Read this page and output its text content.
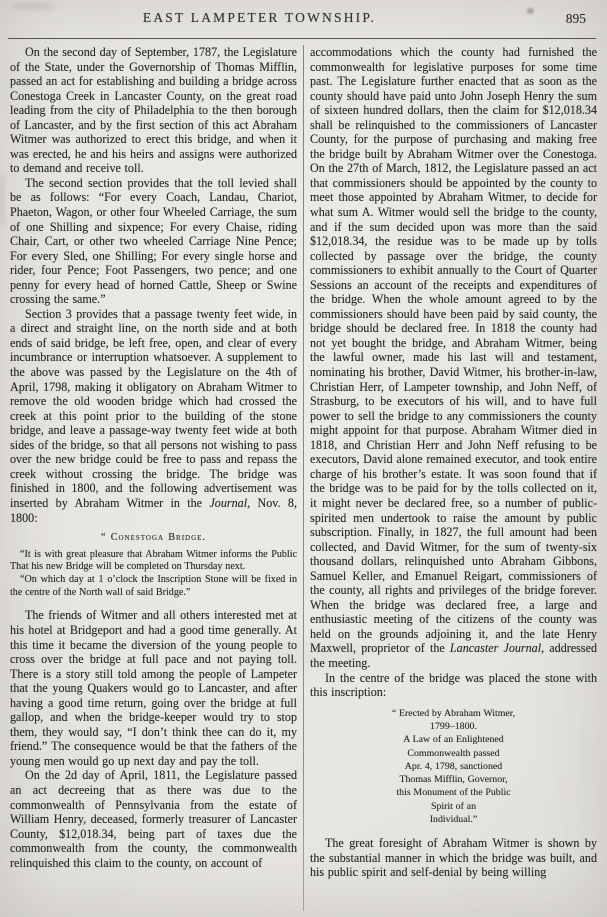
EAST LAMPETER TOWNSHIP.	895

On the second day of September, 1787, the Legislature of the State, under the Governorship of Thomas Mifflin, passed an act for establishing and building a bridge across Conestoga Creek in Lancaster County, on the great road leading from the city of Philadelphia to the then borough of Lancaster, and by the first section of this act Abraham Witmer was authorized to erect this bridge, and when it was erected, he and his heirs and assigns were authorized to demand and receive toll.

The second section provides that the toll levied shall be as follows: “For every Coach, Landau, Chariot, Phaeton, Wagon, or other four Wheeled Carriage, the sum of one Shilling and sixpence; For every Chaise, riding Chair, Cart, or other two wheeled Carriage Nine Pence; For every Sled, one Shilling; For every single horse and rider, four Pence; Foot Passengers, two pence; and one penny for every head of horned Cattle, Sheep or Swine crossing the same.”

Section 3 provides that a passage twenty feet wide, in a direct and straight line, on the north side and at both ends of said bridge, be left free, open, and clear of every incumbrance or interruption whatsoever. A supplement to the above was passed by the Legislature on the 4th of April, 1798, making it obligatory on Abraham Witmer to remove the old wooden bridge which had crossed the creek at this point prior to the building of the stone bridge, and leave a passage-way twenty feet wide at both sides of the bridge, so that all persons not wishing to pass over the new bridge could be free to pass and repass the creek without crossing the bridge. The bridge was finished in 1800, and the following advertisement was inserted by Abraham Witmer in the Journal, Nov. 8, 1800:

“ Conestoga Bridge.

“It is with great pleasure that Abraham Witmer informs the Public That his new Bridge will be completed on Thursday next.

“On which day at 1 o’clock the Inscription Stone will be fixed in the centre of the North wall of said Bridge.”

The friends of Witmer and all others interested met at his hotel at Bridgeport and had a good time generally. At this time it became the diversion of the young people to cross over the bridge at full pace and not paying toll. There is a story still told among the people of Lampeter that the young Quakers would go to Lancaster, and after having a good time return, going over the bridge at full gallop, and when the bridge-keeper would try to stop them, they would say, “I don’t think thee can do it, my friend.” The consequence would be that the fathers of the young men would go up next day and pay the toll.

On the 2d day of April, 1811, the Legislature passed an act decreeing that as there was due to the commonwealth of Pennsylvania from the estate of William Henry, deceased, formerly treasurer of Lancaster County, $12,018.34, being part of taxes due the commonwealth from the county, the commonwealth relinquished this claim to the county, on account of

accommodations which the county had furnished the commonwealth for legislative purposes for some time past. The Legislature further enacted that as soon as the county should have paid unto John Joseph Henry the sum of sixteen hundred dollars, then the claim for $12,018.34 shall be relinquished to the commissioners of Lancaster County, for the purpose of purchasing and making free the bridge built by Abraham Witmer over the Conestoga. On the 27th of March, 1812, the Legislature passed an act that commissioners should be appointed by the county to meet those appointed by Abraham Witmer, to decide for what sum A. Witmer would sell the bridge to the county, and if the sum decided upon was more than the said $12,018.34, the residue was to be made up by tolls collected by passage over the bridge, the county commissioners to exhibit annually to the Court of Quarter Sessions an account of the receipts and expenditures of the bridge. When the whole amount agreed to by the commissioners should have been paid by said county, the bridge should be declared free. In 1818 the county had not yet bought the bridge, and Abraham Witmer, being the lawful owner, made his last will and testament, nominating his brother, David Witmer, his brother-in-law, Christian Herr, of Lampeter township, and John Neff, of Strasburg, to be executors of his will, and to have full power to sell the bridge to any commissioners the county might appoint for that purpose. Abraham Witmer died in 1818, and Christian Herr and John Neff refusing to be executors, David alone remained executor, and took entire charge of his brother’s estate. It was soon found that if the bridge was to be paid for by the tolls collected on it, it might never be declared free, so a number of public-spirited men undertook to raise the amount by public subscription. Finally, in 1827, the full amount had been collected, and David Witmer, for the sum of twenty-six thousand dollars, relinquished unto Abraham Gibbons, Samuel Keller, and Emanuel Reigart, commissioners of the county, all rights and privileges of the bridge forever. When the bridge was declared free, a large and enthusiastic meeting of the citizens of the county was held on the grounds adjoining it, and the late Henry Maxwell, proprietor of the Lancaster Journal, addressed the meeting.

In the centre of the bridge was placed the stone with this inscription:

“ Erected by Abraham Witmer,
1799–1800.
A Law of an Enlightened
Commonwealth passed
Apr. 4, 1798, sanctioned
Thomas Mifflin, Governor,
this Monument of the Public
Spirit of an
Individual.”

The great foresight of Abraham Witmer is shown by the substantial manner in which the bridge was built, and his public spirit and self-denial by being willing
